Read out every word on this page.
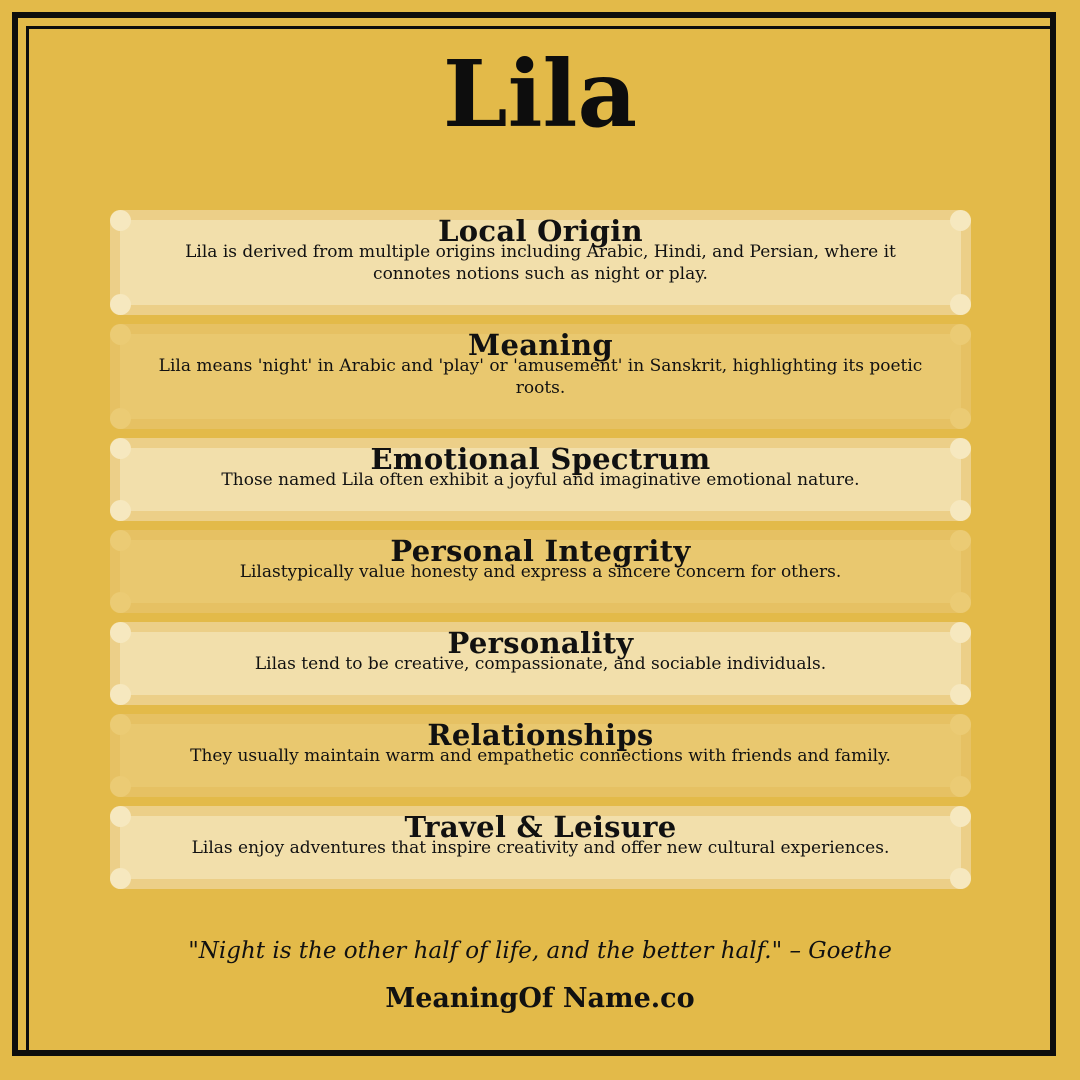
Lila
Local Origin
Lila is derived from multiple origins including Arabic, Hindi, and Persian, where it connotes notions such as night or play.
Meaning
Lila means 'night' in Arabic and 'play' or 'amusement' in Sanskrit, highlighting its poetic roots.
Emotional Spectrum
Those named Lila often exhibit a joyful and imaginative emotional nature.
Personal Integrity
Lilastypically value honesty and express a sincere concern for others.
Personality
Lilas tend to be creative, compassionate, and sociable individuals.
Relationships
They usually maintain warm and empathetic connections with friends and family.
Travel & Leisure
Lilas enjoy adventures that inspire creativity and offer new cultural experiences.
"Night is the other half of life, and the better half." – Goethe
MeaningOf Name.co
